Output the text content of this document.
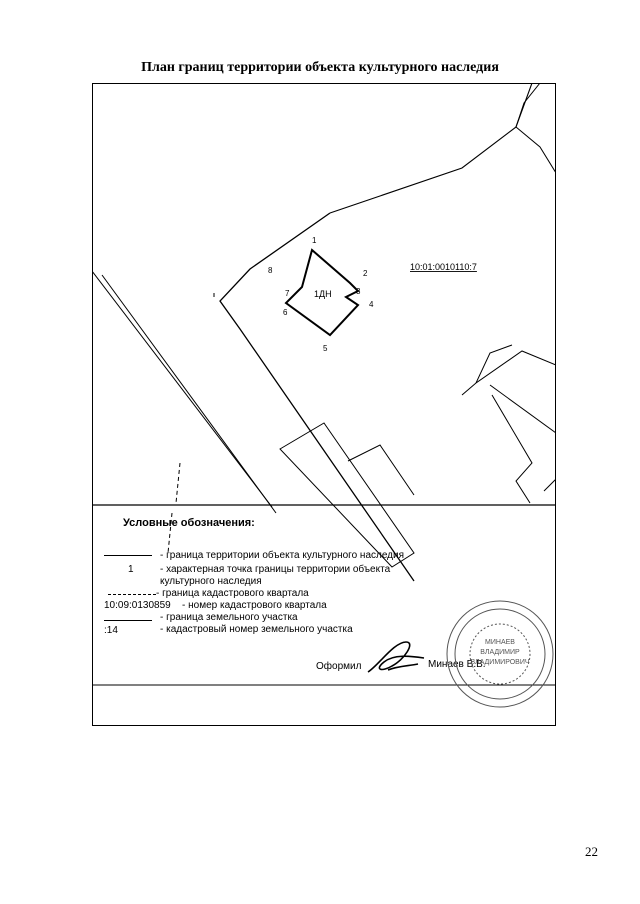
План границ территории объекта культурного наследия
1
2
3
4
5
6
7
8
1ДН
10:01:0010110:7
Условные обозначения:
- граница территории объекта культурного наследия
1	- характерная точка границы территории объекта
культурного наследия
- граница кадастрового квартала
10:09:0130859 - номер кадастрового квартала
- граница земельного участка
:14	- кадастровый номер земельного участка
Оформил	Минаев В.В.
МИНАЕВ
ВЛАДИМИР
ВЛАДИМИРОВИЧ
22
